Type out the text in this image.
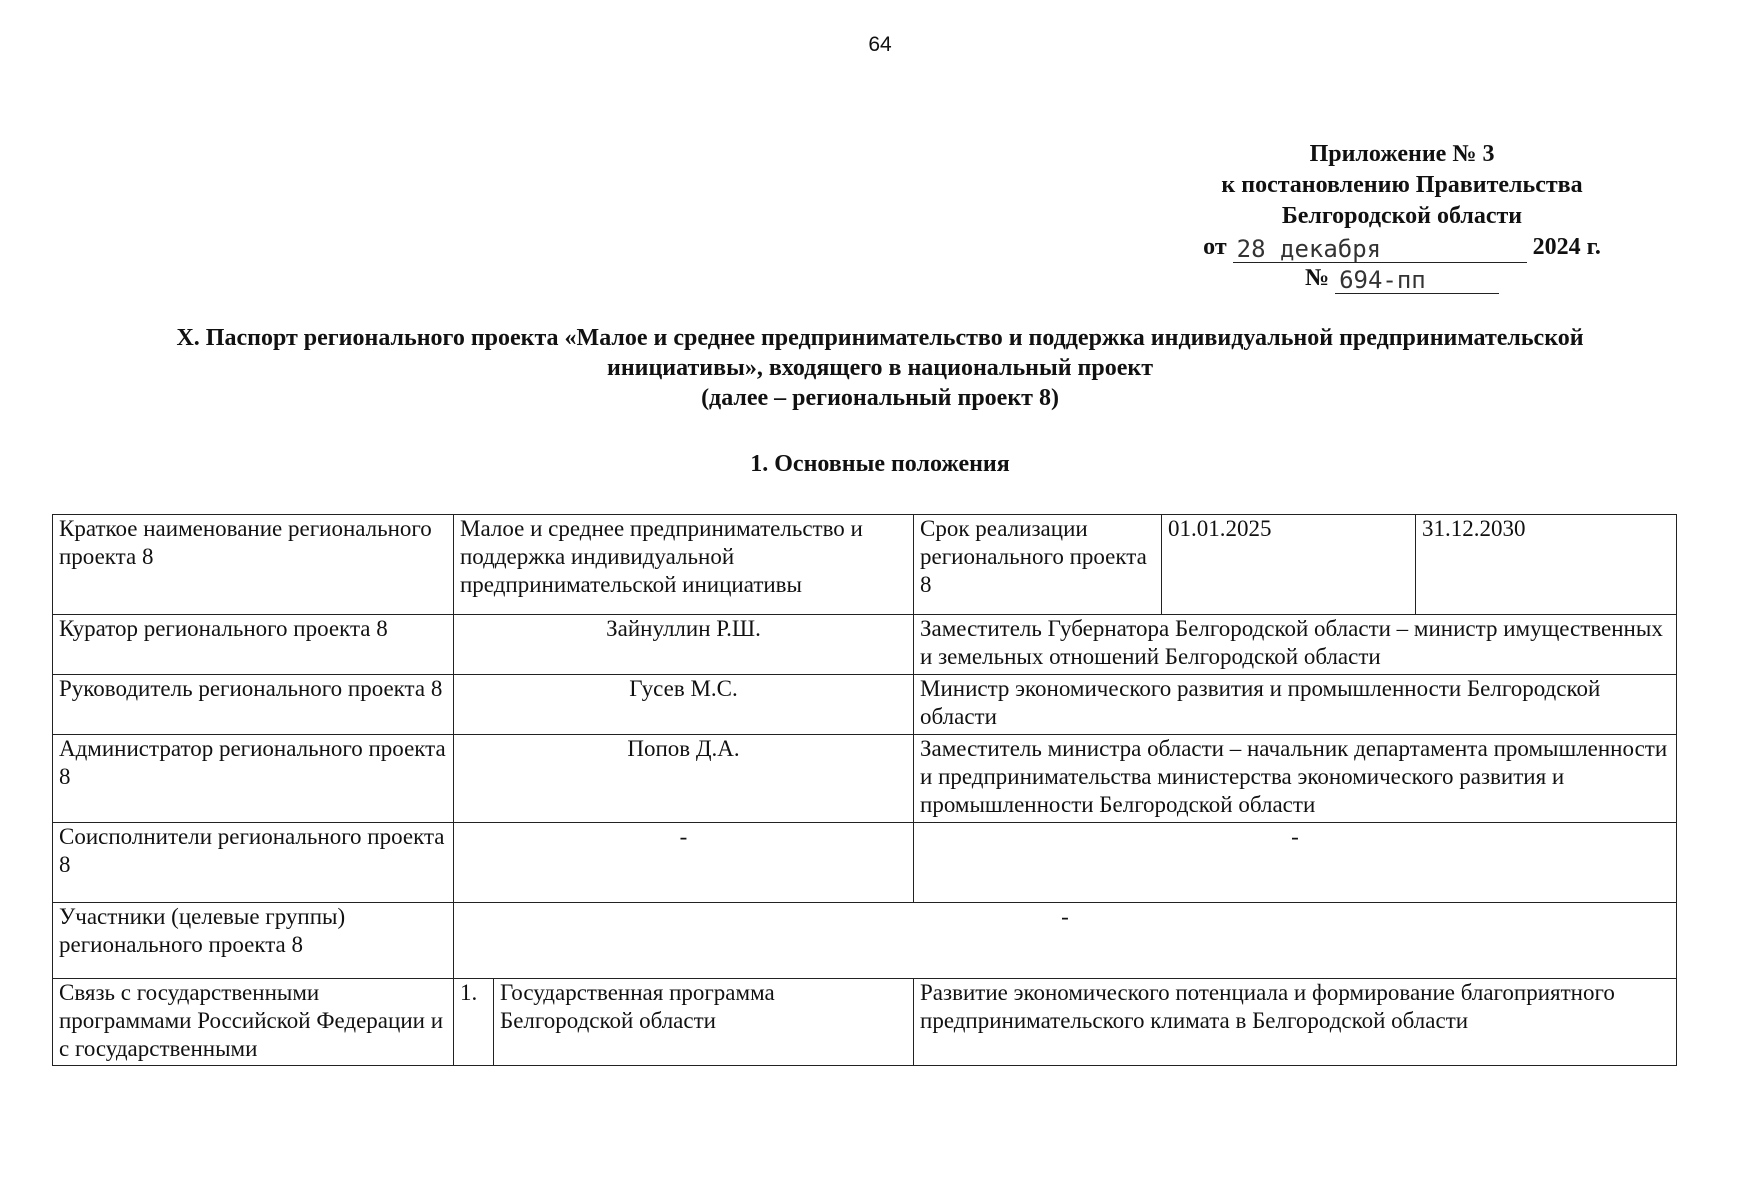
64
Приложение № 3
к постановлению Правительства
Белгородской области
от 28 декабря	2024 г.
№ 694-пп
X. Паспорт регионального проекта «Малое и среднее предпринимательство и поддержка индивидуальной предпринимательской
инициативы», входящего в национальный проект
(далее – региональный проект 8)
1. Основные положения
Краткое наименование регионального проекта 8	Малое и среднее предпринимательство и поддержка индивидуальной предпринимательской инициативы		Срок реализации регионального проекта 8	01.01.2025	31.12.2030
Куратор регионального проекта 8	Зайнуллин Р.Ш.		Заместитель Губернатора Белгородской области – министр имущественных и земельных отношений Белгородской области		
Руководитель регионального проекта 8	Гусев М.С.		Министр экономического развития и промышленности Белгородской области		
Администратор регионального проекта 8	Попов Д.А.		Заместитель министра области – начальник департамента промышленности и предпринимательства министерства экономического развития и промышленности Белгородской области		
Соисполнители регионального проекта 8	-		-		
Участники (целевые группы) регионального проекта 8	-				
Связь с государственными программами Российской Федерации и с государственными	1.	Государственная программа Белгородской области	Развитие экономического потенциала и формирование благоприятного предпринимательского климата в Белгородской области		
